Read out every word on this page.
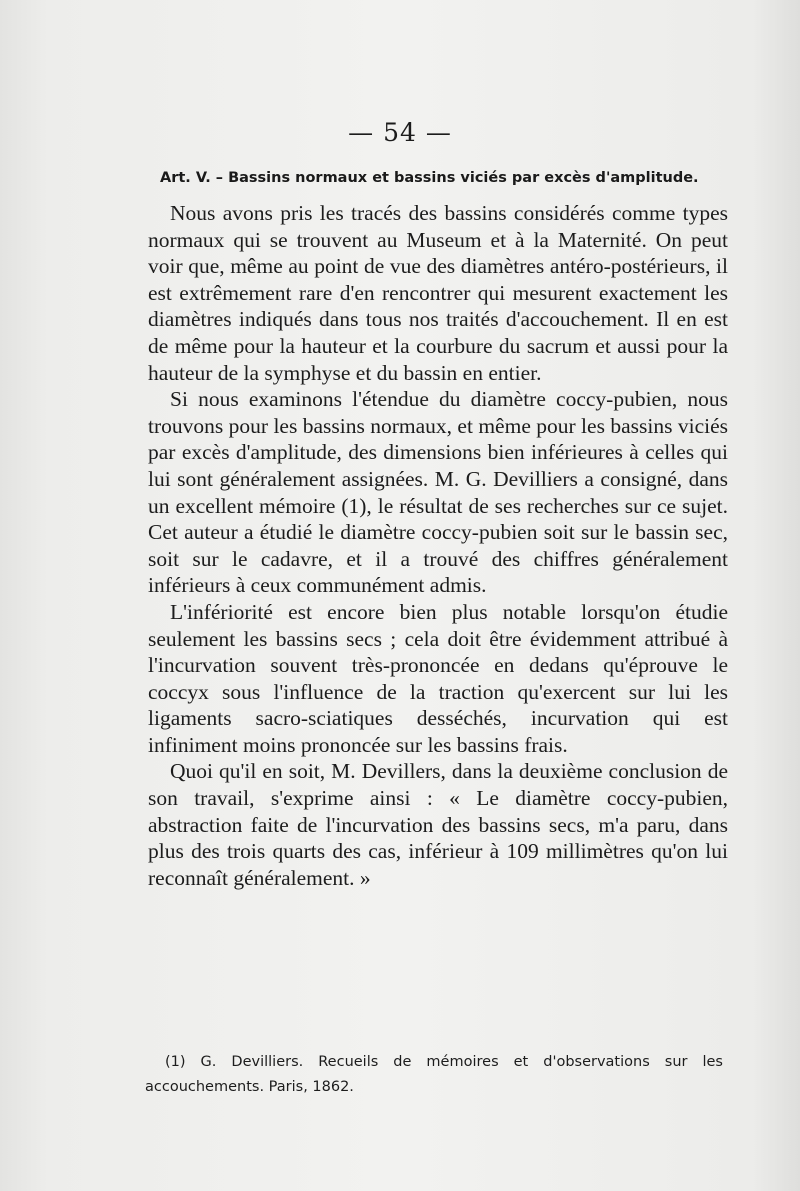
— 54 —
Art. V. – Bassins normaux et bassins viciés par excès d'amplitude.

Nous avons pris les tracés des bassins considérés comme types normaux qui se trouvent au Museum et à la Maternité. On peut voir que, même au point de vue des diamètres antéro-postérieurs, il est extrêmement rare d'en rencontrer qui mesurent exactement les diamètres indiqués dans tous nos traités d'accouchement. Il en est de même pour la hauteur et la courbure du sacrum et aussi pour la hauteur de la symphyse et du bassin en entier.

Si nous examinons l'étendue du diamètre coccy-pubien, nous trouvons pour les bassins normaux, et même pour les bassins viciés par excès d'amplitude, des dimensions bien inférieures à celles qui lui sont généralement assignées. M. G. Devilliers a consigné, dans un excellent mémoire (1), le résultat de ses recherches sur ce sujet. Cet auteur a étudié le diamètre coccy-pubien soit sur le bassin sec, soit sur le cadavre, et il a trouvé des chiffres généralement inférieurs à ceux communément admis.

L'infériorité est encore bien plus notable lorsqu'on étudie seulement les bassins secs ; cela doit être évidemment attribué à l'incurvation souvent très-prononcée en dedans qu'éprouve le coccyx sous l'influence de la traction qu'exercent sur lui les ligaments sacro-sciatiques desséchés, incurvation qui est infiniment moins prononcée sur les bassins frais.

Quoi qu'il en soit, M. Devillers, dans la deuxième conclusion de son travail, s'exprime ainsi : « Le diamètre coccy-pubien, abstraction faite de l'incurvation des bassins secs, m'a paru, dans plus des trois quarts des cas, inférieur à 109 millimètres qu'on lui reconnaît généralement. »

(1) G. Devilliers. Recueils de mémoires et d'observations sur les accouchements. Paris, 1862.
